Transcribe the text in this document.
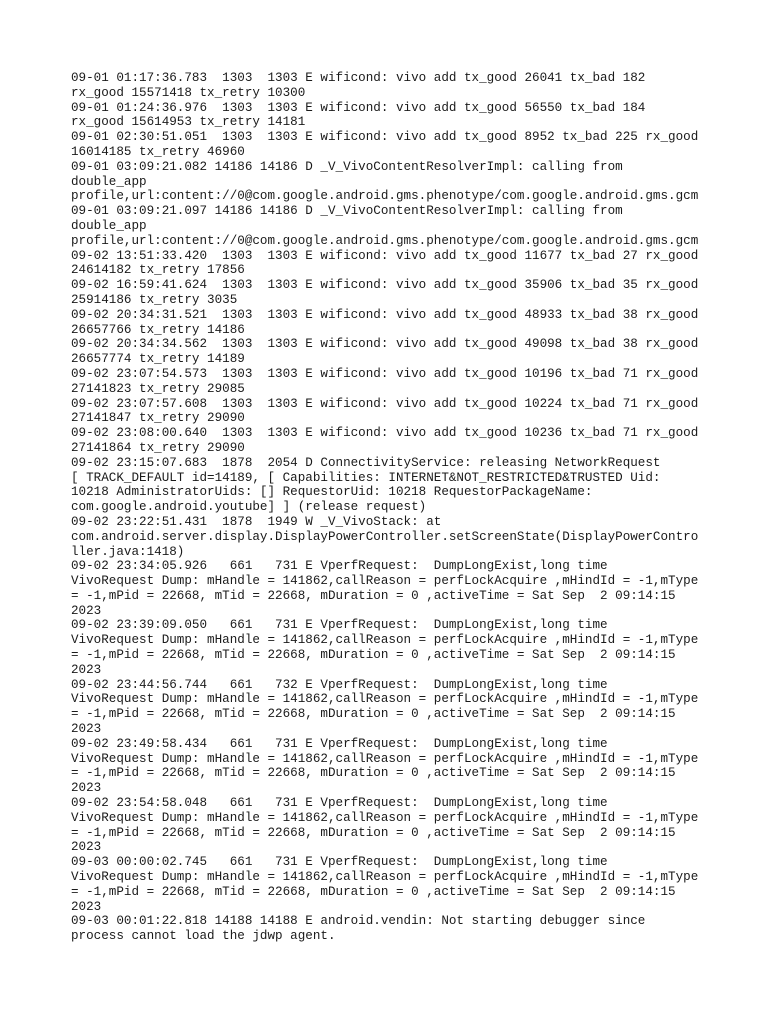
09-01 01:17:36.783  1303  1303 E wificond: vivo add tx_good 26041 tx_bad 182

rx_good 15571418 tx_retry 10300

09-01 01:24:36.976  1303  1303 E wificond: vivo add tx_good 56550 tx_bad 184

rx_good 15614953 tx_retry 14181

09-01 02:30:51.051  1303  1303 E wificond: vivo add tx_good 8952 tx_bad 225 rx_good

16014185 tx_retry 46960

09-01 03:09:21.082 14186 14186 D _V_VivoContentResolverImpl: calling from

double_app

profile,url:content://0@com.google.android.gms.phenotype/com.google.android.gms.gcm

09-01 03:09:21.097 14186 14186 D _V_VivoContentResolverImpl: calling from

double_app

profile,url:content://0@com.google.android.gms.phenotype/com.google.android.gms.gcm

09-02 13:51:33.420  1303  1303 E wificond: vivo add tx_good 11677 tx_bad 27 rx_good

24614182 tx_retry 17856

09-02 16:59:41.624  1303  1303 E wificond: vivo add tx_good 35906 tx_bad 35 rx_good

25914186 tx_retry 3035

09-02 20:34:31.521  1303  1303 E wificond: vivo add tx_good 48933 tx_bad 38 rx_good

26657766 tx_retry 14186

09-02 20:34:34.562  1303  1303 E wificond: vivo add tx_good 49098 tx_bad 38 rx_good

26657774 tx_retry 14189

09-02 23:07:54.573  1303  1303 E wificond: vivo add tx_good 10196 tx_bad 71 rx_good

27141823 tx_retry 29085

09-02 23:07:57.608  1303  1303 E wificond: vivo add tx_good 10224 tx_bad 71 rx_good

27141847 tx_retry 29090

09-02 23:08:00.640  1303  1303 E wificond: vivo add tx_good 10236 tx_bad 71 rx_good

27141864 tx_retry 29090

09-02 23:15:07.683  1878  2054 D ConnectivityService: releasing NetworkRequest

[ TRACK_DEFAULT id=14189, [ Capabilities: INTERNET&NOT_RESTRICTED&TRUSTED Uid:

10218 AdministratorUids: [] RequestorUid: 10218 RequestorPackageName:

com.google.android.youtube] ] (release request)

09-02 23:22:51.431  1878  1949 W _V_VivoStack: at

com.android.server.display.DisplayPowerController.setScreenState(DisplayPowerContro

ller.java:1418)

09-02 23:34:05.926   661   731 E VperfRequest:  DumpLongExist,long time

VivoRequest Dump: mHandle = 141862,callReason = perfLockAcquire ,mHindId = -1,mType

= -1,mPid = 22668, mTid = 22668, mDuration = 0 ,activeTime = Sat Sep  2 09:14:15

2023

09-02 23:39:09.050   661   731 E VperfRequest:  DumpLongExist,long time

VivoRequest Dump: mHandle = 141862,callReason = perfLockAcquire ,mHindId = -1,mType

= -1,mPid = 22668, mTid = 22668, mDuration = 0 ,activeTime = Sat Sep  2 09:14:15

2023

09-02 23:44:56.744   661   732 E VperfRequest:  DumpLongExist,long time

VivoRequest Dump: mHandle = 141862,callReason = perfLockAcquire ,mHindId = -1,mType

= -1,mPid = 22668, mTid = 22668, mDuration = 0 ,activeTime = Sat Sep  2 09:14:15

2023

09-02 23:49:58.434   661   731 E VperfRequest:  DumpLongExist,long time

VivoRequest Dump: mHandle = 141862,callReason = perfLockAcquire ,mHindId = -1,mType

= -1,mPid = 22668, mTid = 22668, mDuration = 0 ,activeTime = Sat Sep  2 09:14:15

2023

09-02 23:54:58.048   661   731 E VperfRequest:  DumpLongExist,long time

VivoRequest Dump: mHandle = 141862,callReason = perfLockAcquire ,mHindId = -1,mType

= -1,mPid = 22668, mTid = 22668, mDuration = 0 ,activeTime = Sat Sep  2 09:14:15

2023

09-03 00:00:02.745   661   731 E VperfRequest:  DumpLongExist,long time

VivoRequest Dump: mHandle = 141862,callReason = perfLockAcquire ,mHindId = -1,mType

= -1,mPid = 22668, mTid = 22668, mDuration = 0 ,activeTime = Sat Sep  2 09:14:15

2023

09-03 00:01:22.818 14188 14188 E android.vendin: Not starting debugger since

process cannot load the jdwp agent.
